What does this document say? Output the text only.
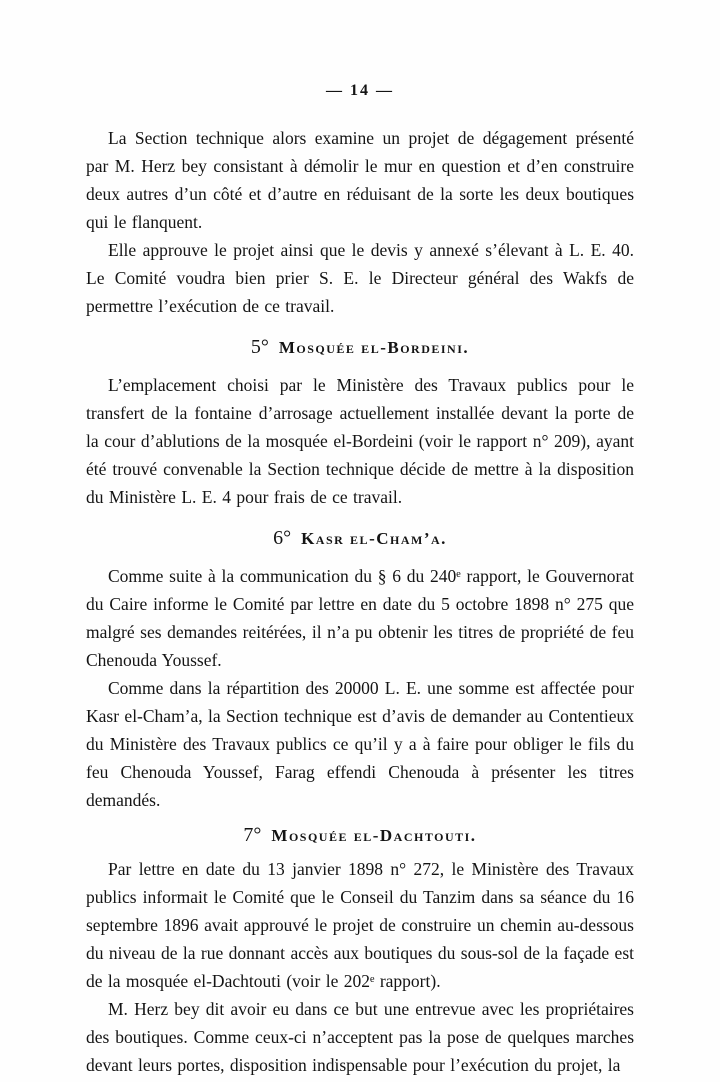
— 14 —

La Section technique alors examine un projet de dégagement présenté par M. Herz bey consistant à démolir le mur en question et d’en construire deux autres d’un côté et d’autre en réduisant de la sorte les deux boutiques qui le flanquent.

Elle approuve le projet ainsi que le devis y annexé s’élevant à L. E. 40. Le Comité voudra bien prier S. E. le Directeur général des Wakfs de permettre l’exécution de ce travail.

5° Mosquée el-Bordeini.

L’emplacement choisi par le Ministère des Travaux publics pour le transfert de la fontaine d’arrosage actuellement installée devant la porte de la cour d’ablutions de la mosquée el-Bordeini (voir le rapport n° 209), ayant été trouvé convenable la Section technique décide de mettre à la disposition du Ministère L. E. 4 pour frais de ce travail.

6° Kasr el-Cham’a.

Comme suite à la communication du § 6 du 240ᵉ rapport, le Gouvernorat du Caire informe le Comité par lettre en date du 5 octobre 1898 n° 275 que malgré ses demandes reitérées, il n’a pu obtenir les titres de propriété de feu Chenouda Youssef.

Comme dans la répartition des 20000 L. E. une somme est affectée pour Kasr el-Cham’a, la Section technique est d’avis de demander au Contentieux du Ministère des Travaux publics ce qu’il y a à faire pour obliger le fils du feu Chenouda Youssef, Farag effendi Chenouda à présenter les titres demandés.

7° Mosquée el-Dachtouti.

Par lettre en date du 13 janvier 1898 n° 272, le Ministère des Travaux publics informait le Comité que le Conseil du Tanzim dans sa séance du 16 septembre 1896 avait approuvé le projet de construire un chemin au-dessous du niveau de la rue donnant accès aux boutiques du sous-sol de la façade est de la mosquée el-Dachtouti (voir le 202ᵉ rapport).

M. Herz bey dit avoir eu dans ce but une entrevue avec les propriétaires des boutiques. Comme ceux-ci n’acceptent pas la pose de quelques marches devant leurs portes, disposition indispensable pour l’exécution du projet, la
